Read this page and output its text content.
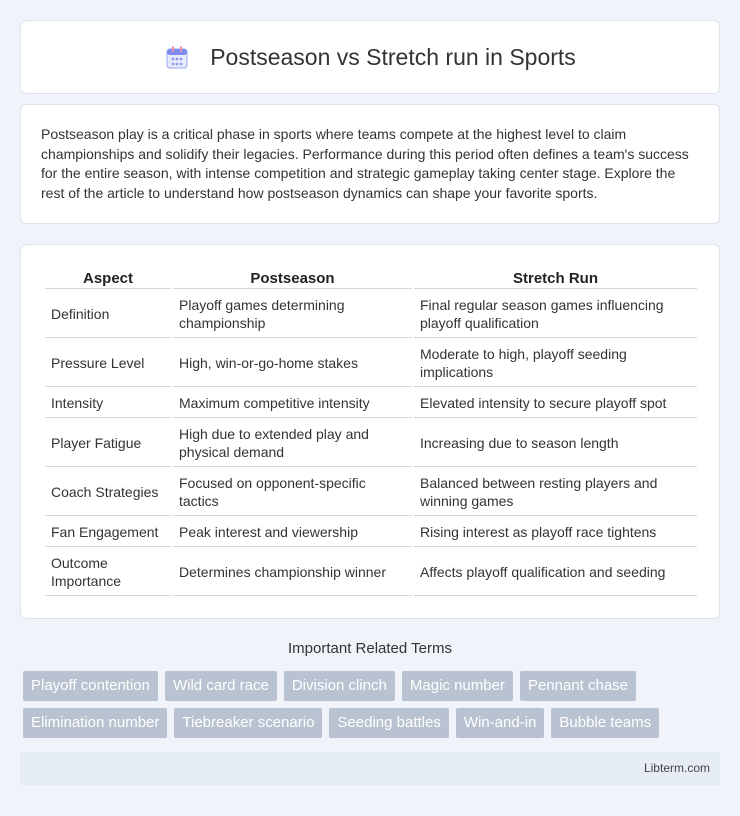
Postseason vs Stretch run in Sports

Postseason play is a critical phase in sports where teams compete at the highest level to claim championships and solidify their legacies. Performance during this period often defines a team's success for the entire season, with intense competition and strategic gameplay taking center stage. Explore the rest of the article to understand how postseason dynamics can shape your favorite sports.

Aspect	Postseason	Stretch Run
Definition	Playoff games determining championship	Final regular season games influencing playoff qualification
Pressure Level	High, win-or-go-home stakes	Moderate to high, playoff seeding implications
Intensity	Maximum competitive intensity	Elevated intensity to secure playoff spot
Player Fatigue	High due to extended play and physical demand	Increasing due to season length
Coach Strategies	Focused on opponent-specific tactics	Balanced between resting players and winning games
Fan Engagement	Peak interest and viewership	Rising interest as playoff race tightens
Outcome Importance	Determines championship winner	Affects playoff qualification and seeding
Important Related Terms
Playoff contention	Wild card race	Division clinch	Magic number	Pennant chase
Elimination number	Tiebreaker scenario	Seeding battles	Win-and-in	Bubble teams
Libterm.com
